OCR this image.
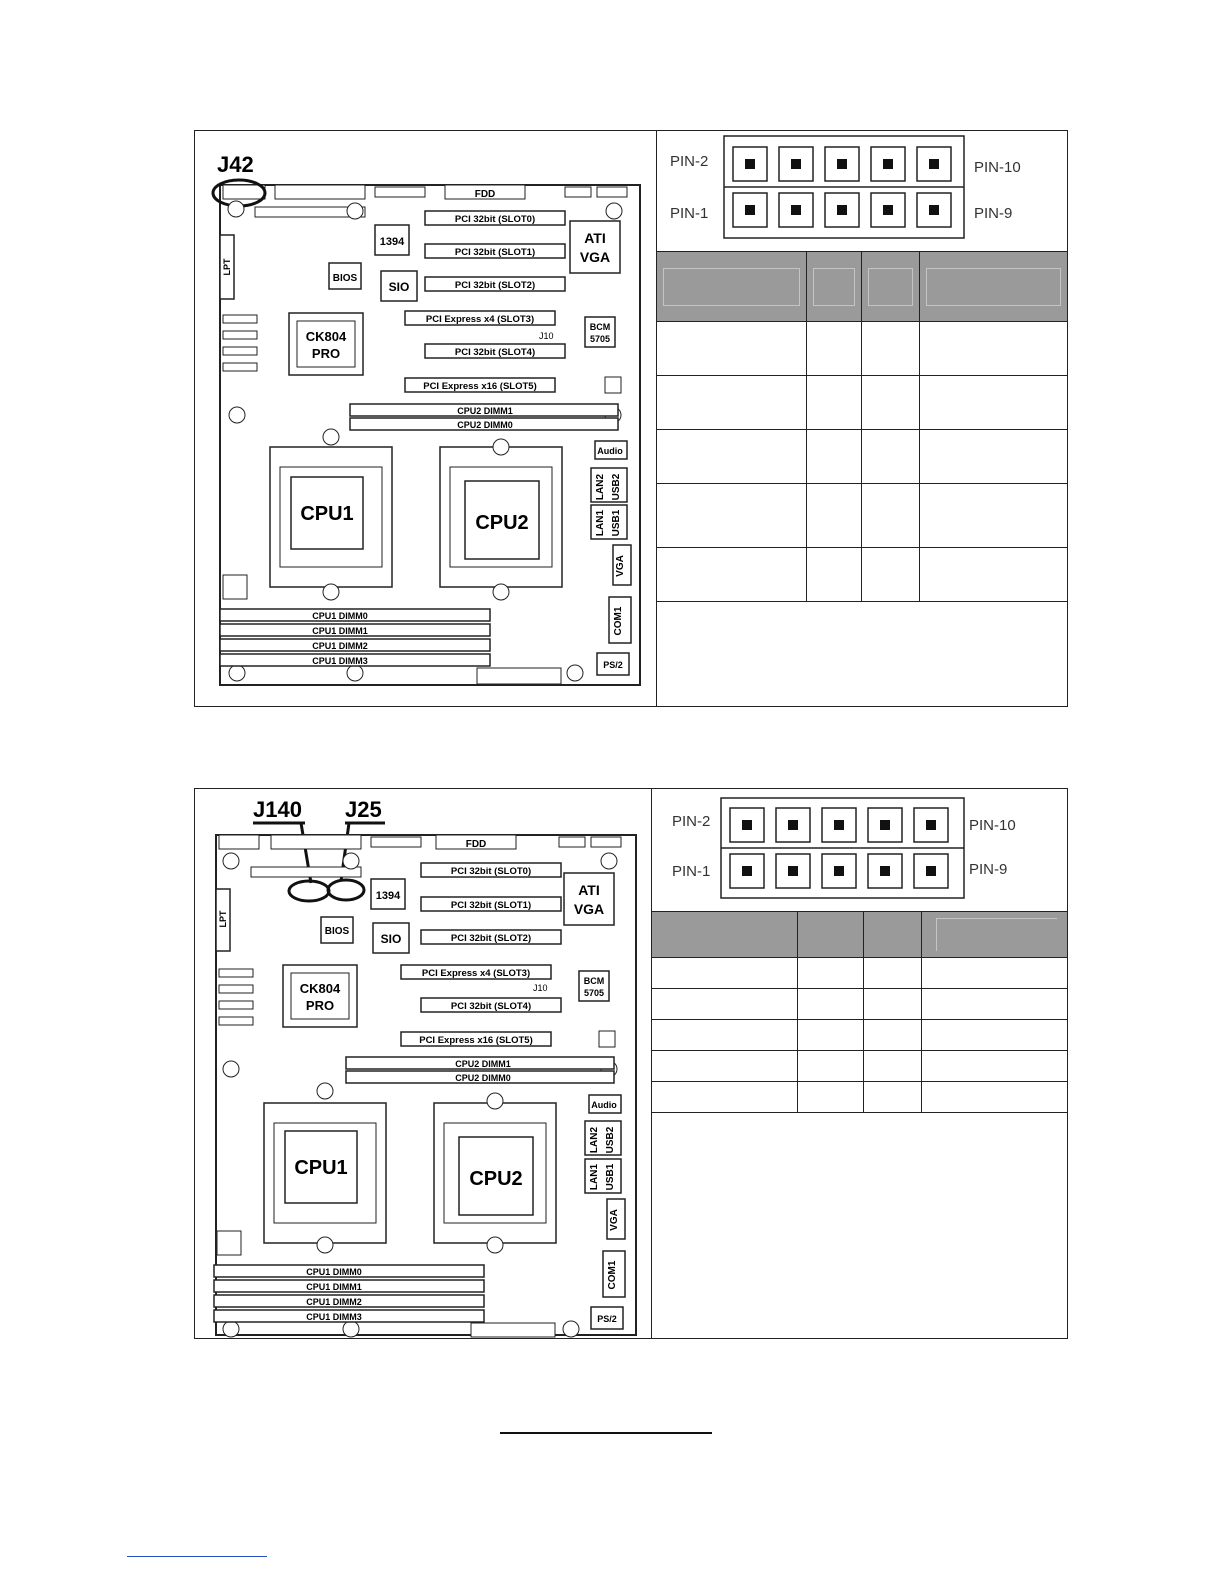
FDD
J42
PCI 32bit (SLOT0)
PCI 32bit (SLOT1)
PCI 32bit (SLOT2)
PCI Express x4 (SLOT3)
PCI 32bit (SLOT4)
PCI Express x16 (SLOT5)
1394	ATI
VGA
BIOS
SIO
LPT
CK804
PRO
BCM
5705
J10
CPU2 DIMM1
CPU2 DIMM0
CPU1	CPU2
Audio
LAN2 USB2
LAN1 USB1
VGA
COM1
PS/2
CPU1 DIMM0
CPU1 DIMM1
CPU1 DIMM2
CPU1 DIMM3
PIN-2
PIN-1
PIN-10
PIN-9

J140 J25
FDD
PCI 32bit (SLOT0)
PCI 32bit (SLOT1)
PCI 32bit (SLOT2)
PCI Express x4 (SLOT3)
PCI 32bit (SLOT4)
PCI Express x16 (SLOT5)
1394	ATI
VGA
BIOS
SIO
LPT
CK804
PRO
BCM
5705
J10
CPU2 DIMM1
CPU2 DIMM0
CPU1	CPU2
Audio
LAN2 USB2
LAN1 USB1
VGA
COM1
PS/2
CPU1 DIMM0
CPU1 DIMM1
CPU1 DIMM2
CPU1 DIMM3
PIN-2
PIN-1
PIN-10
PIN-9
